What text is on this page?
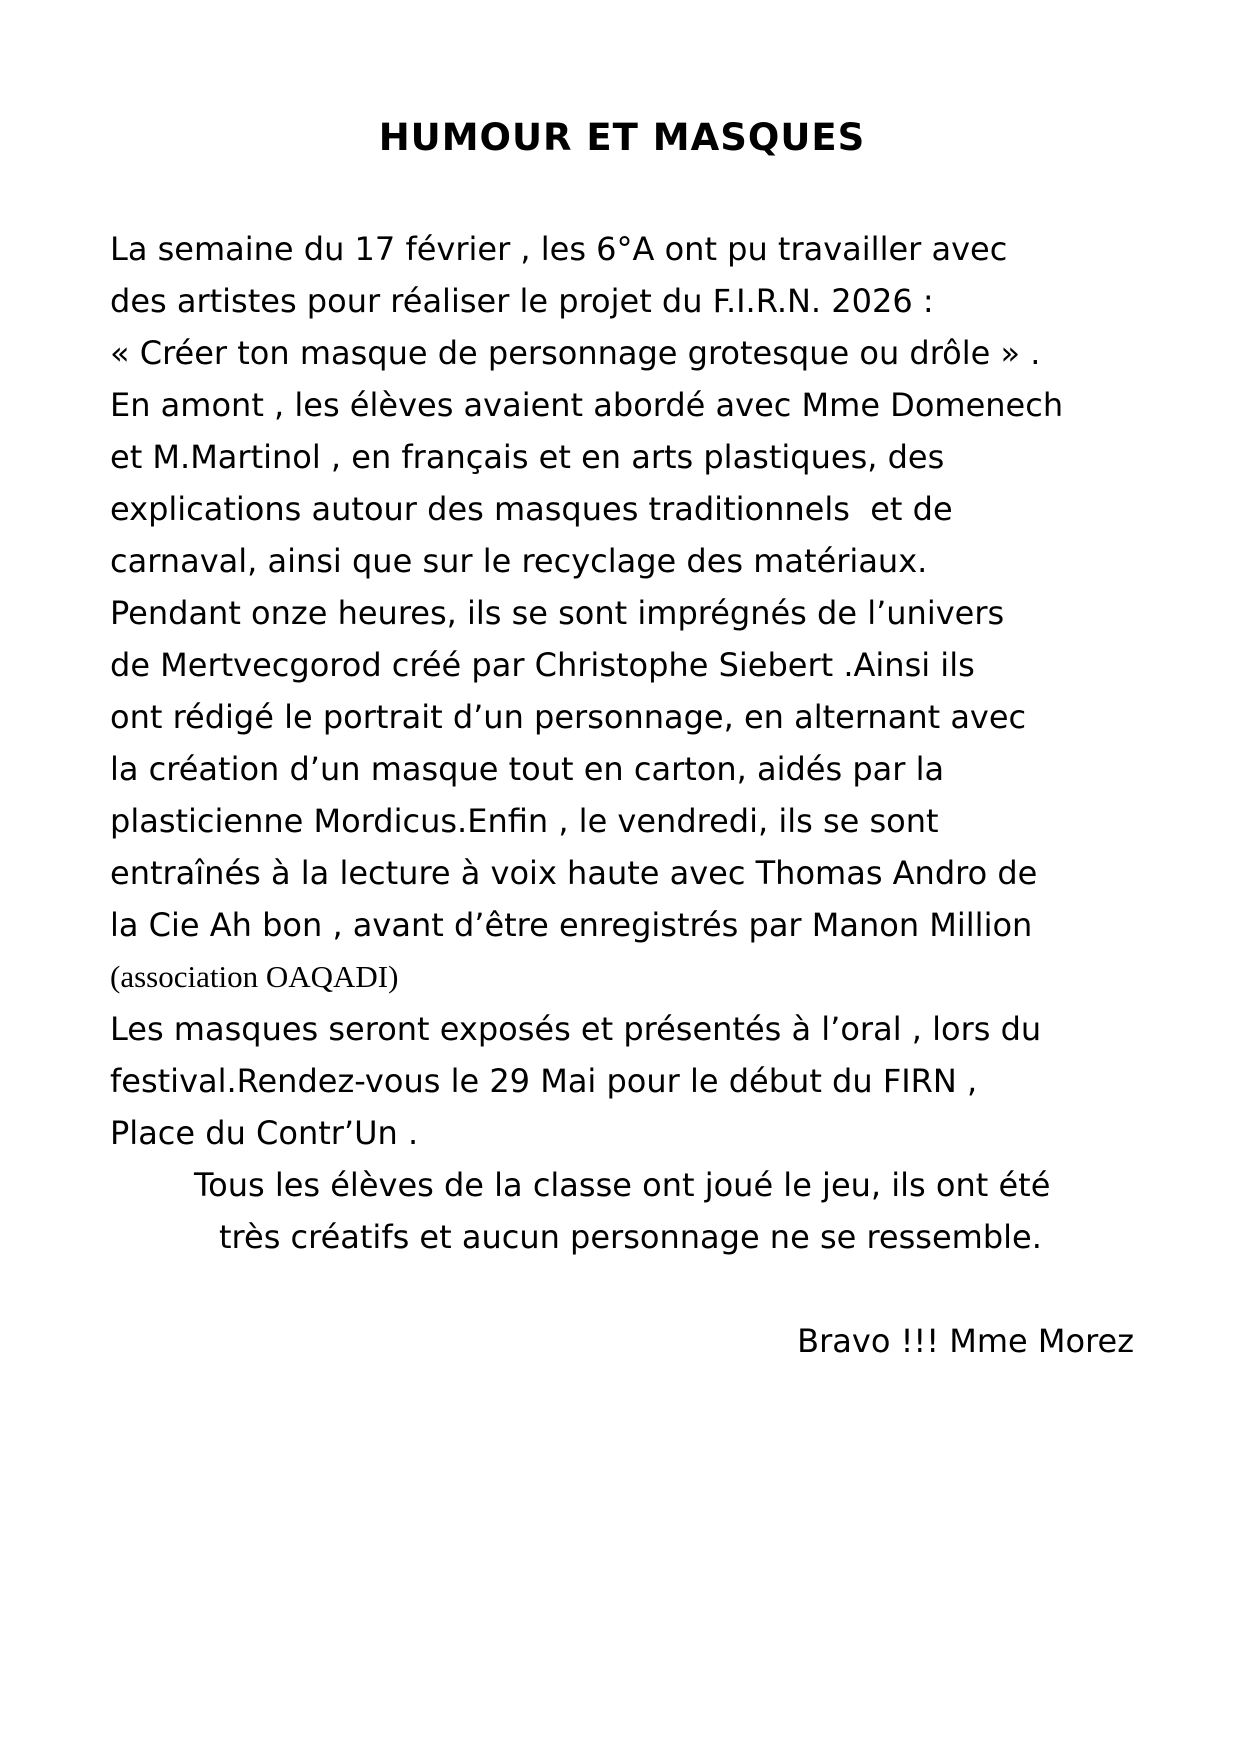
HUMOUR ET MASQUES
La semaine du 17 février , les 6°A ont pu travailler avec
des artistes pour réaliser le projet du F.I.R.N. 2026 :
« Créer ton masque de personnage grotesque ou drôle » .
En amont , les élèves avaient abordé avec Mme Domenech
et M.Martinol , en français et en arts plastiques, des
explications autour des masques traditionnels  et de
carnaval, ainsi que sur le recyclage des matériaux.
Pendant onze heures, ils se sont imprégnés de l’univers
de Mertvecgorod créé par Christophe Siebert .Ainsi ils
ont rédigé le portrait d’un personnage, en alternant avec
la création d’un masque tout en carton, aidés par la
plasticienne Mordicus.Enfin , le vendredi, ils se sont
entraînés à la lecture à voix haute avec Thomas Andro de
la Cie Ah bon , avant d’être enregistrés par Manon Million
(association OAQADI)
Les masques seront exposés et présentés à l’oral , lors du
festival.Rendez-vous le 29 Mai pour le début du FIRN ,
Place du Contr’Un .
Tous les élèves de la classe ont joué le jeu, ils ont été
très créatifs et aucun personnage ne se ressemble.
Bravo !!! Mme Morez
